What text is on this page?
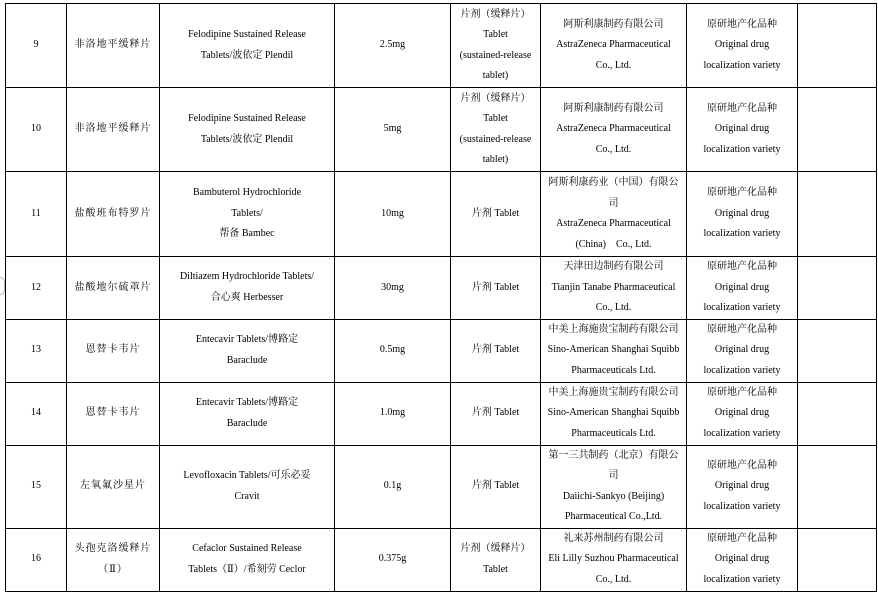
9	非洛地平缓释片	Felodipine Sustained Release
Tablets/波依定 Plendil	2.5mg	片剂（缓释片）
Tablet
(sustained-release
tablet)	阿斯利康制药有限公司
AstraZeneca Pharmaceutical
Co., Ltd.	原研地产化品种
Original drug
localization variety	

10	非洛地平缓释片	Felodipine Sustained Release
Tablets/波依定 Plendil	5mg	片剂（缓释片）
Tablet
(sustained-release
tablet)	阿斯利康制药有限公司
AstraZeneca Pharmaceutical
Co., Ltd.	原研地产化品种
Original drug
localization variety	

11	盐酸班布特罗片	Bambuterol Hydrochloride
Tablets/
帮备 Bambec	10mg	片剂 Tablet	阿斯利康药业（中国）有限公
司
AstraZeneca Pharmaceutical
(China)　Co., Ltd.	原研地产化品种
Original drug
localization variety	

12	盐酸地尔硫䓬片	Diltiazem Hydrochloride Tablets/
合心爽 Herbesser	30mg	片剂 Tablet	天津田边制药有限公司
Tianjin Tanabe Pharmaceutical
Co., Ltd.	原研地产化品种
Original drug
localization variety	

13	恩替卡韦片	Entecavir Tablets/博路定
Baraclude	0.5mg	片剂 Tablet	中美上海施贵宝制药有限公司
Sino-American Shanghai Squibb
Pharmaceuticals Ltd.	原研地产化品种
Original drug
localization variety	

14	恩替卡韦片	Entecavir Tablets/博路定
Baraclude	1.0mg	片剂 Tablet	中美上海施贵宝制药有限公司
Sino-American Shanghai Squibb
Pharmaceuticals Ltd.	原研地产化品种
Original drug
localization variety	

15	左氧氟沙星片	Levofloxacin Tablets/可乐必妥
Cravit	0.1g	片剂 Tablet	第一三共制药（北京）有限公
司
Daiichi-Sankyo (Beijing)
Pharmaceutical Co.,Ltd.	原研地产化品种
Original drug
localization variety	

16	头孢克洛缓释片
（Ⅱ）	Cefaclor Sustained Release
Tablets（Ⅱ）/希刻劳 Ceclor	0.375g	片剂（缓释片）
Tablet	礼来苏州制药有限公司
Eli Lilly Suzhou Pharmaceutical
Co., Ltd.	原研地产化品种
Original drug
localization variety	
